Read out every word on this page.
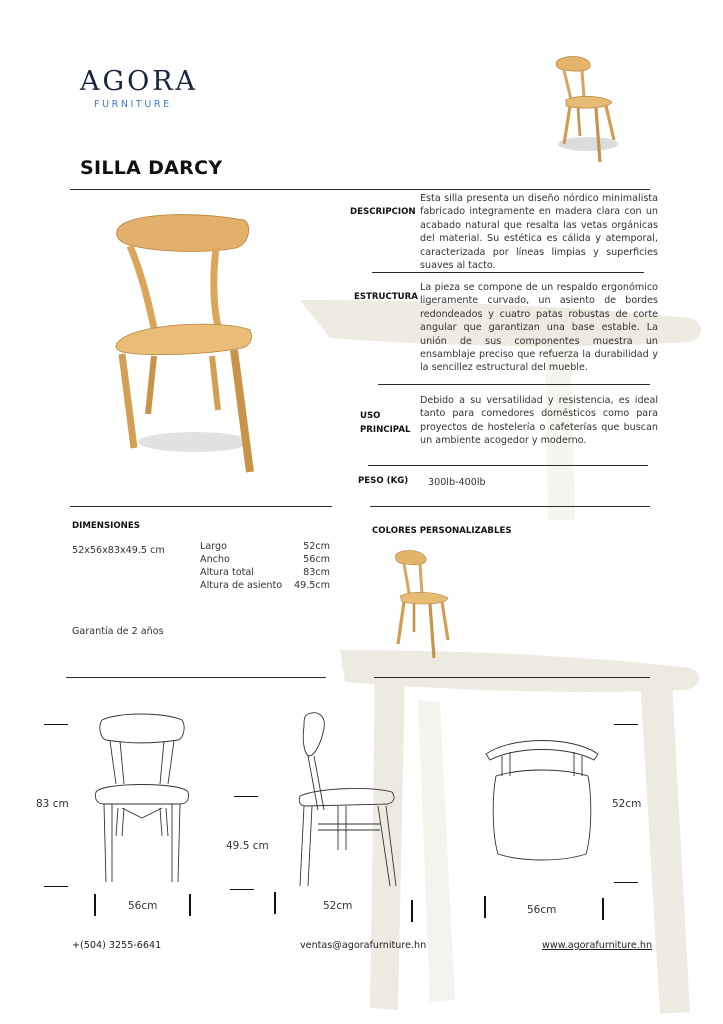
AGORA
FURNITURE
SILLA DARCY
DESCRIPCION
Esta silla presenta un diseño nórdico minimalista fabricado integramente en madera clara con un acabado natural que resalta las vetas orgánicas del material. Su estética es cálida y atemporal, caracterizada por líneas limpias y superficies suaves al tacto.
ESTRUCTURA
La pieza se compone de un respaldo ergonómico ligeramente curvado, un asiento de bordes redondeados y cuatro patas robustas de corte angular que garantizan una base estable. La unión de sus componentes muestra un ensamblaje preciso que refuerza la durabilidad y la sencillez estructural del mueble.
USO
PRINCIPAL
Debido a su versatilidad y resistencia, es ideal tanto para comedores domésticos como para proyectos de hostelería o cafeterías que buscan un ambiente acogedor y moderno.
PESO (KG) 300lb-400lb
COLORES PERSONALIZABLES
DIMENSIONES
52x56x83x49.5 cm	Largo	52cm
Ancho	56cm
Altura total	83cm
Altura de asiento 49.5cm
Garantía de 2 años
83 cm
56cm
49.5 cm
52cm
52cm
56cm
+(504) 3255-6641	ventas@agorafurniture.hn	www.agorafurniture.hn
